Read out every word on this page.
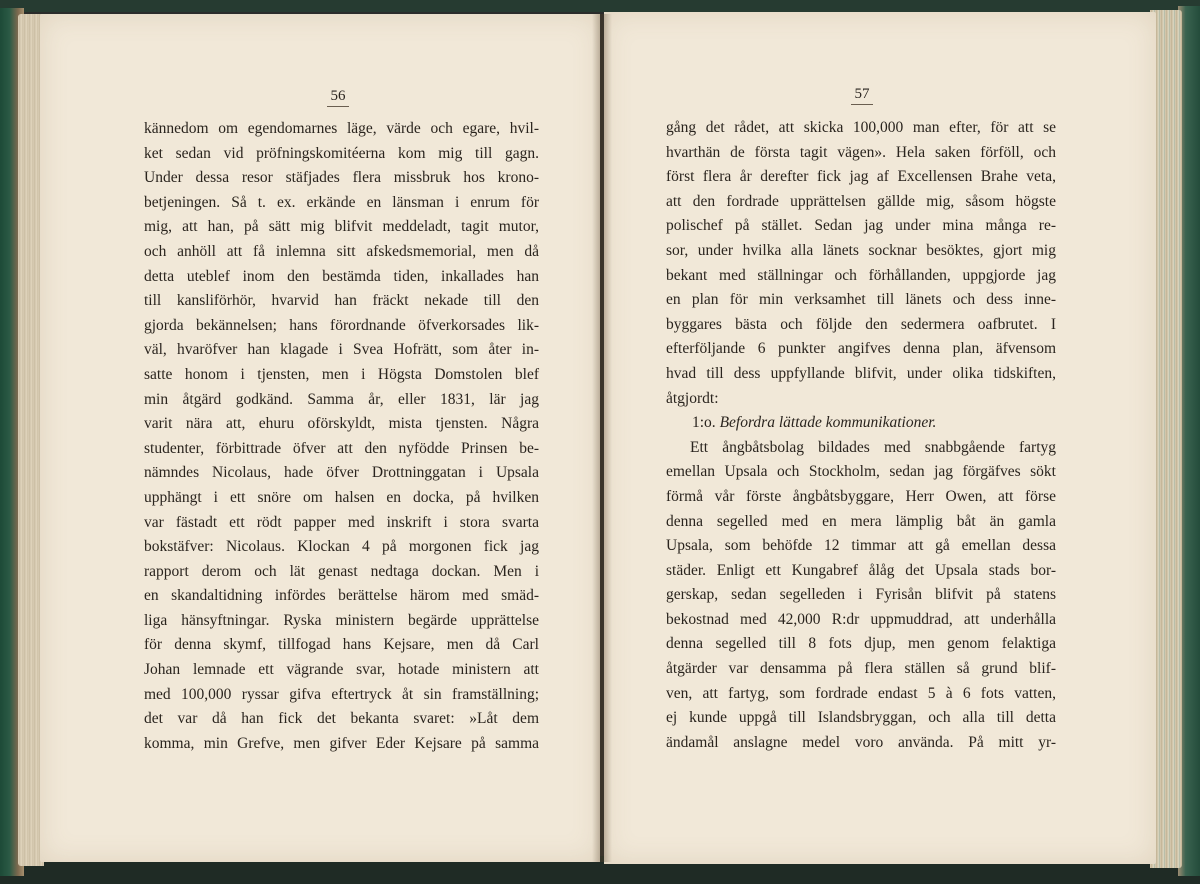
56	57
kännedom om egendomarnes läge, värde och egare, hvil-
ket sedan vid pröfningskomitéerna kom mig till gagn.
Under dessa resor stäfjades flera missbruk hos krono-
betjeningen. Så t. ex. erkände en länsman i enrum för
mig, att han, på sätt mig blifvit meddeladt, tagit mutor,
och anhöll att få inlemna sitt afskedsmemorial, men då
detta uteblef inom den bestämda tiden, inkallades han
till kansliförhör, hvarvid han fräckt nekade till den
gjorda bekännelsen; hans förordnande öfverkorsades lik-
väl, hvaröfver han klagade i Svea Hofrätt, som åter in-
satte honom i tjensten, men i Högsta Domstolen blef
min åtgärd godkänd. Samma år, eller 1831, lär jag
varit nära att, ehuru oförskyldt, mista tjensten. Några
studenter, förbittrade öfver att den nyfödde Prinsen be-
nämndes Nicolaus, hade öfver Drottninggatan i Upsala
upphängt i ett snöre om halsen en docka, på hvilken
var fästadt ett rödt papper med inskrift i stora svarta
bokstäfver: Nicolaus. Klockan 4 på morgonen fick jag
rapport derom och lät genast nedtaga dockan. Men i
en skandaltidning infördes berättelse härom med smäd-
liga hänsyftningar. Ryska ministern begärde upprättelse
för denna skymf, tillfogad hans Kejsare, men då Carl
Johan lemnade ett vägrande svar, hotade ministern att
med 100,000 ryssar gifva eftertryck åt sin framställning;
det var då han fick det bekanta svaret: »Låt dem
komma, min Grefve, men gifver Eder Kejsare på samma
gång det rådet, att skicka 100,000 man efter, för att se
hvarthän de första tagit vägen». Hela saken förföll, och
först flera år derefter fick jag af Excellensen Brahe veta,
att den fordrade upprättelsen gällde mig, såsom högste
polischef på stället. Sedan jag under mina många re-
sor, under hvilka alla länets socknar besöktes, gjort mig
bekant med ställningar och förhållanden, uppgjorde jag
en plan för min verksamhet till länets och dess inne-
byggares bästa och följde den sedermera oafbrutet. I
efterföljande 6 punkter angifves denna plan, äfvensom
hvad till dess uppfyllande blifvit, under olika tidskiften,
åtgjordt:
1:o. Befordra lättade kommunikationer.
Ett ångbåtsbolag bildades med snabbgående fartyg
emellan Upsala och Stockholm, sedan jag förgäfves sökt
förmå vår förste ångbåtsbyggare, Herr Owen, att förse
denna segelled med en mera lämplig båt än gamla
Upsala, som behöfde 12 timmar att gå emellan dessa
städer. Enligt ett Kungabref ålåg det Upsala stads bor-
gerskap, sedan segelleden i Fyrisån blifvit på statens
bekostnad med 42,000 R:dr uppmuddrad, att underhålla
denna segelled till 8 fots djup, men genom felaktiga
åtgärder var densamma på flera ställen så grund blif-
ven, att fartyg, som fordrade endast 5 à 6 fots vatten,
ej kunde uppgå till Islandsbryggan, och alla till detta
ändamål anslagne medel voro använda. På mitt yr-
